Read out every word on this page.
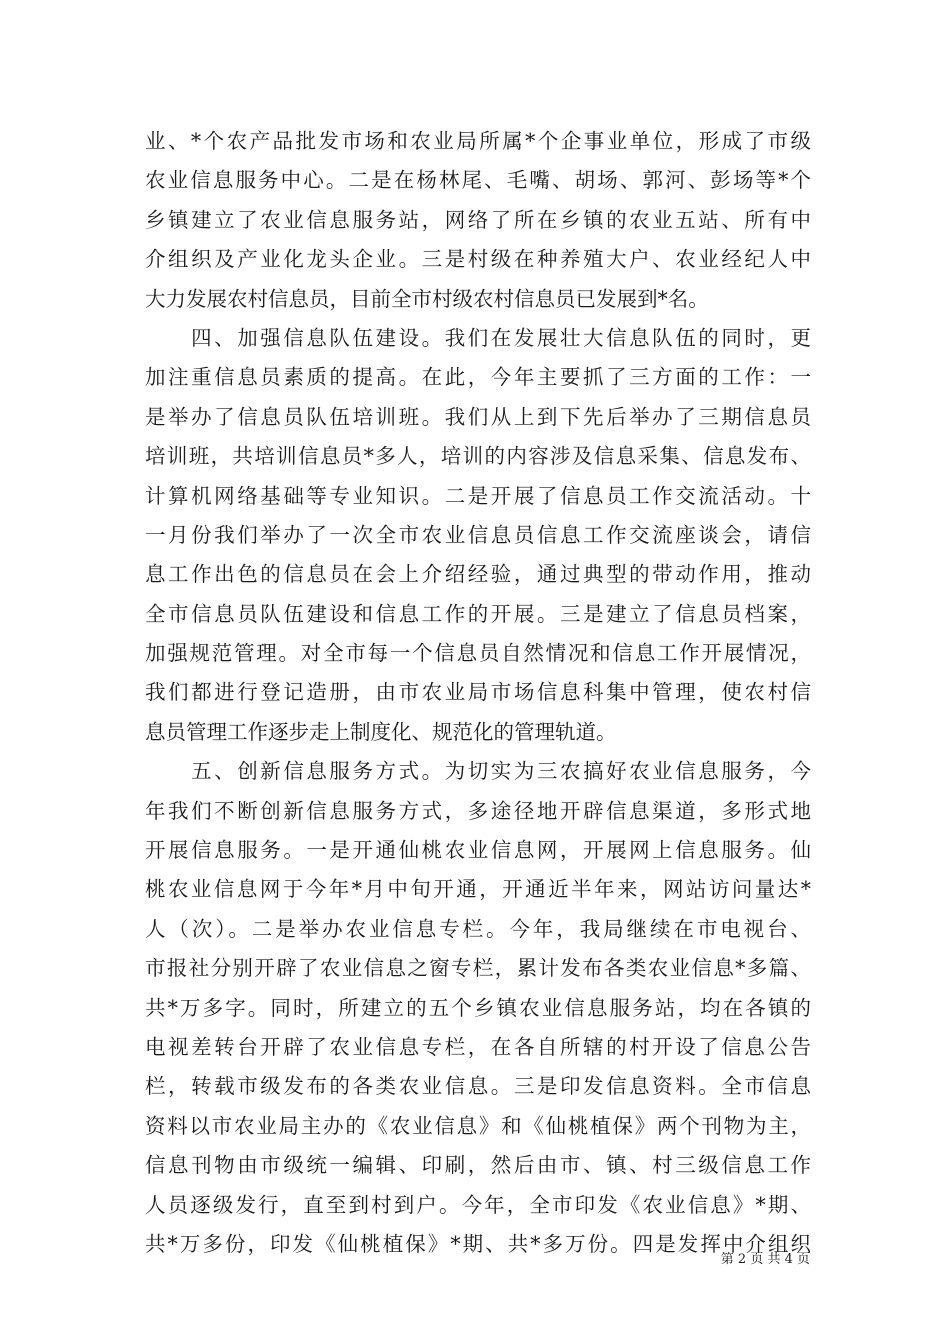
业、*个农产品批发市场和农业局所属*个企事业单位，形成了市级
农业信息服务中心。二是在杨林尾、毛嘴、胡场、郭河、彭场等*个
乡镇建立了农业信息服务站，网络了所在乡镇的农业五站、所有中
介组织及产业化龙头企业。三是村级在种养殖大户、农业经纪人中
大力发展农村信息员，目前全市村级农村信息员已发展到*名。
　　四、加强信息队伍建设。我们在发展壮大信息队伍的同时，更
加注重信息员素质的提高。在此，今年主要抓了三方面的工作：一
是举办了信息员队伍培训班。我们从上到下先后举办了三期信息员
培训班，共培训信息员*多人，培训的内容涉及信息采集、信息发布、
计算机网络基础等专业知识。二是开展了信息员工作交流活动。十
一月份我们举办了一次全市农业信息员信息工作交流座谈会，请信
息工作出色的信息员在会上介绍经验，通过典型的带动作用，推动
全市信息员队伍建设和信息工作的开展。三是建立了信息员档案，
加强规范管理。对全市每一个信息员自然情况和信息工作开展情况，
我们都进行登记造册，由市农业局市场信息科集中管理，使农村信
息员管理工作逐步走上制度化、规范化的管理轨道。
　　五、创新信息服务方式。为切实为三农搞好农业信息服务，今
年我们不断创新信息服务方式，多途径地开辟信息渠道，多形式地
开展信息服务。一是开通仙桃农业信息网，开展网上信息服务。仙
桃农业信息网于今年*月中旬开通，开通近半年来，网站访问量达*
人（次）。二是举办农业信息专栏。今年，我局继续在市电视台、
市报社分别开辟了农业信息之窗专栏，累计发布各类农业信息*多篇、
共*万多字。同时，所建立的五个乡镇农业信息服务站，均在各镇的
电视差转台开辟了农业信息专栏，在各自所辖的村开设了信息公告
栏，转载市级发布的各类农业信息。三是印发信息资料。全市信息
资料以市农业局主办的《农业信息》和《仙桃植保》两个刊物为主，
信息刊物由市级统一编辑、印刷，然后由市、镇、村三级信息工作
人员逐级发行，直至到村到户。今年，全市印发《农业信息》*期、
共*万多份，印发《仙桃植保》*期、共*多万份。四是发挥中介组织
第 2 页 共 4 页
